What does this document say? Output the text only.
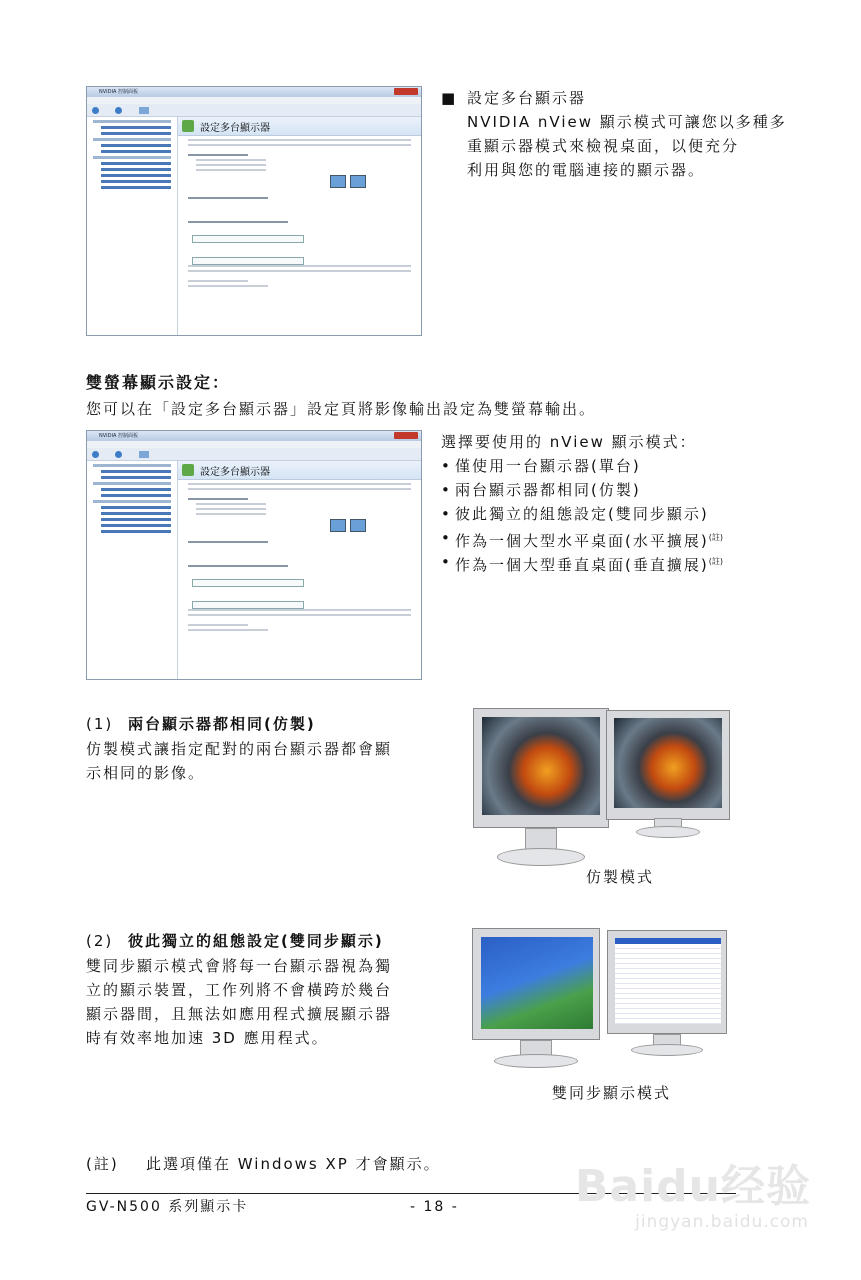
NVIDIA 控制面板
設定多台顯示器
■ 設定多台顯示器
NVIDIA nView 顯示模式可讓您以多種多
重顯示器模式來檢視桌面，以便充分
利用與您的電腦連接的顯示器。
雙螢幕顯示設定：
您可以在「設定多台顯示器」設定頁將影像輸出設定為雙螢幕輸出。
NVIDIA 控制面板
設定多台顯示器
選擇要使用的 nView 顯示模式：
• 僅使用一台顯示器(單台)
• 兩台顯示器都相同(仿製)
• 彼此獨立的組態設定(雙同步顯示)
• 作為一個大型水平桌面(水平擴展)$^{(註)}$
• 作為一個大型垂直桌面(垂直擴展)$^{(註)}$
(1) 兩台顯示器都相同(仿製)
仿製模式讓指定配對的兩台顯示器都會顯
示相同的影像。
仿製模式
(2) 彼此獨立的組態設定(雙同步顯示)
雙同步顯示模式會將每一台顯示器視為獨
立的顯示裝置，工作列將不會橫跨於幾台
顯示器間，且無法如應用程式擴展顯示器
時有效率地加速 3D 應用程式。
雙同步顯示模式
(註) 此選項僅在 Windows XP 才會顯示。
GV-N500 系列顯示卡	- 18 -	Baidu经验
jingyan.baidu.com
